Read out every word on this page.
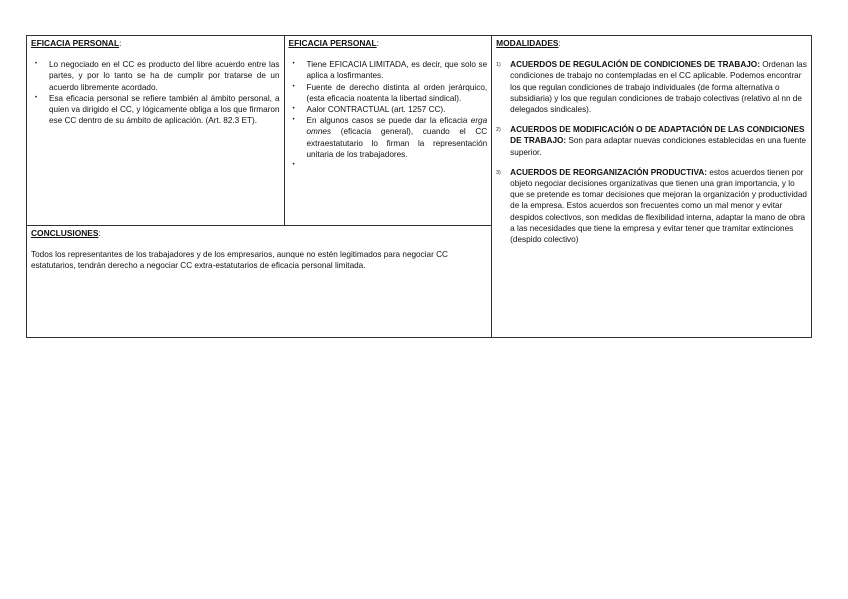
EFICACIA PERSONAL:
• Lo negociado en el CC es producto del libre acuerdo entre las partes, y por lo tanto se ha de cumplir por tratarse de un acuerdo libremente acordado.
• Esa eficacia personal se refiere también al ámbito personal, a quien va dirigido el CC, y lógicamente obliga a los que firmaron ese CC dentro de su ámbito de aplicación. (Art. 82.3 ET).

EFICACIA PERSONAL:
• Tiene EFICACIA LIMITADA, es decir, que solo se aplica a losfirmantes.
• Fuente de derecho distinta al orden jerárquico, (esta eficacia noatenta la libertad sindical).
• Aalor CONTRACTUAL (art. 1257 CC).
• En algunos casos se puede dar la eficacia erga omnes (eficacia general), cuando el CC extraestatutario lo firman la representación unitaria de los trabajadores.

MODALIDADES:
1) ACUERDOS DE REGULACIÓN DE CONDICIONES DE TRABAJO: Ordenan las condiciones de trabajo no contempladas en el CC aplicable. Podemos encontrar los que regulan condiciones de trabajo individuales (de forma alternativa o subsidiaria) y los que regulan condiciones de trabajo colectivas (relativo al nn de delegados sindicales).
2) ACUERDOS DE MODIFICACIÓN O DE ADAPTACIÓN DE LAS CONDICIONES DE TRABAJO: Son para adaptar nuevas condiciones establecidas en una fuente superior.
3) ACUERDOS DE REORGANIZACIÓN PRODUCTIVA: estos acuerdos tienen por objeto negociar decisiones organizativas que tienen una gran importancia, y lo que se pretende es tomar decisiones que mejoran la organización y productividad de la empresa. Estos acuerdos son frecuentes como un mal menor y evitar despidos colectivos, son medidas de flexibilidad interna, adaptar la mano de obra a las necesidades que tiene la empresa y evitar tener que tramitar extinciones (despido colectivo)

CONCLUSIONES:
Todos los representantes de los trabajadores y de los empresarios, aunque no estén legitimados para negociar CC estatutarios, tendrán derecho a negociar CC extra-estatutarios de eficacia personal limitada.
